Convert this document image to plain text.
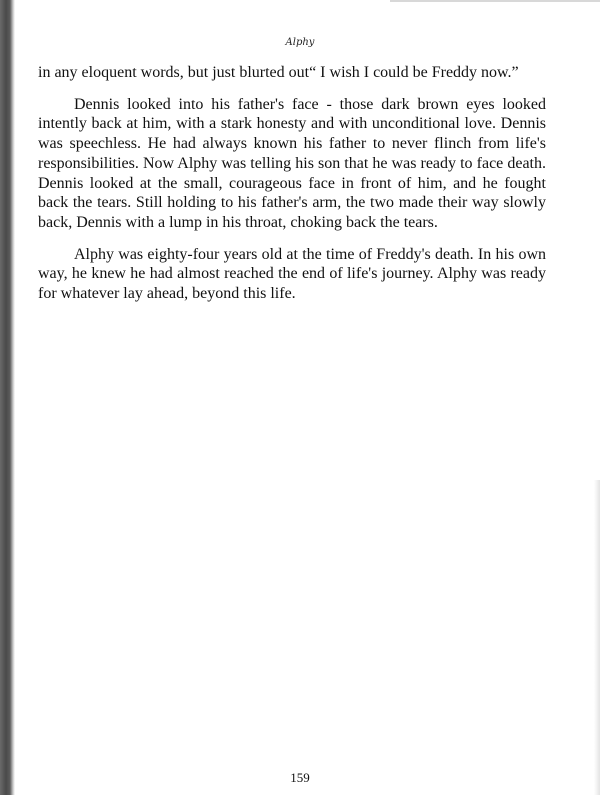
Alphy

in any eloquent words, but just blurted out“ I wish I could be Freddy now.”

Dennis looked into his father's face - those dark brown eyes looked intently back at him, with a stark honesty and with unconditional love. Dennis was speechless. He had always known his father to never flinch from life's responsibilities. Now Alphy was telling his son that he was ready to face death. Dennis looked at the small, courageous face in front of him, and he fought back the tears. Still holding to his father's arm, the two made their way slowly back, Dennis with a lump in his throat, choking back the tears.

Alphy was eighty-four years old at the time of Freddy's death. In his own way, he knew he had almost reached the end of life's journey. Alphy was ready for whatever lay ahead, beyond this life.

159
